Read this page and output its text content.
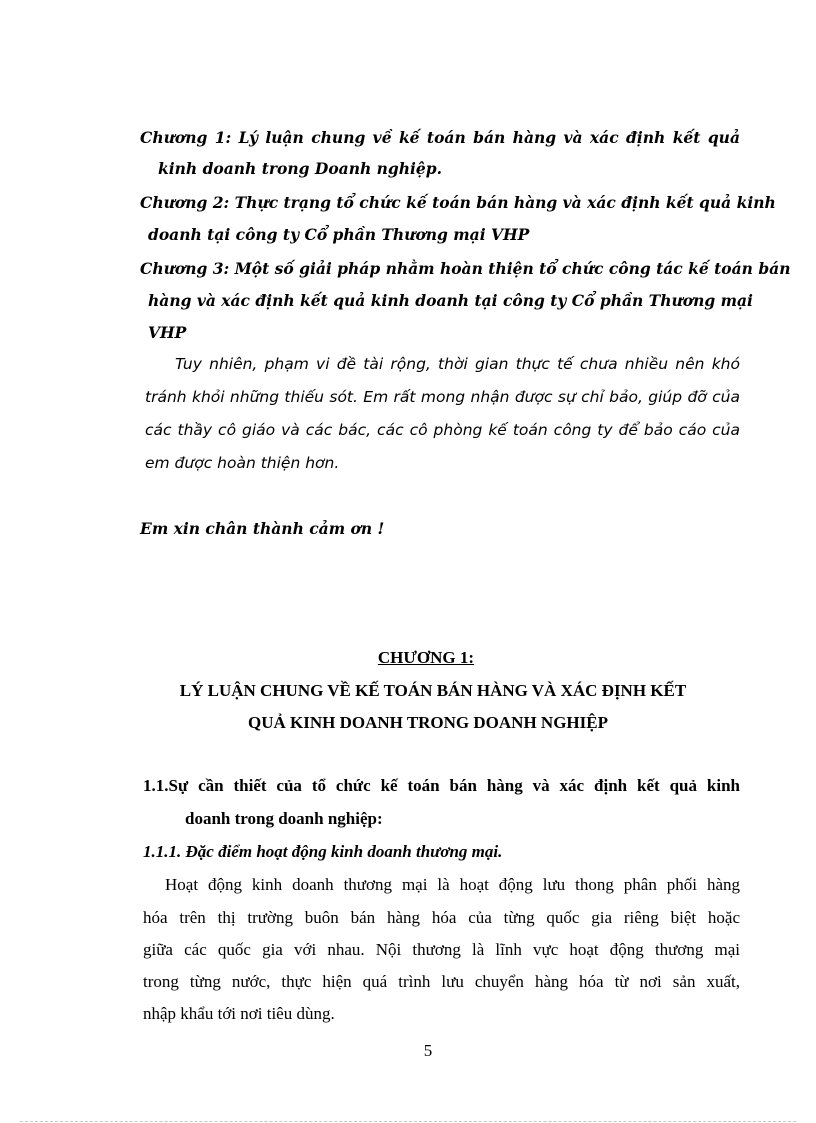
Chương 1: Lý luận chung về kế toán bán hàng và xác định kết quả
kinh doanh trong Doanh nghiệp.
Chương 2: Thực trạng tổ chức kế toán bán hàng và xác định kết quả kinh
doanh tại công ty Cổ phần Thương mại VHP
Chương 3: Một số giải pháp nhằm hoàn thiện tổ chức công tác kế toán bán
hàng và xác định kết quả kinh doanh tại công ty Cổ phần Thương mại
VHP
Tuy nhiên, phạm vi đề tài rộng, thời gian thực tế chưa nhiều nên khó
tránh khỏi những thiếu sót. Em rất mong nhận được sự chỉ bảo, giúp đỡ của
các thầy cô giáo và các bác, các cô phòng kế toán công ty để bảo cáo của
em được hoàn thiện hơn.
Em xin chân thành cảm ơn !
CHƯƠNG 1:
LÝ LUẬN CHUNG VỀ KẾ TOÁN BÁN HÀNG VÀ XÁC ĐỊNH KẾT
QUẢ KINH DOANH TRONG DOANH NGHIỆP
1.1.Sự cần thiết của tổ chức kế toán bán hàng và xác định kết quả kinh
doanh trong doanh nghiệp:
1.1.1. Đặc điểm hoạt động kinh doanh thương mại.
Hoạt động kinh doanh thương mại là hoạt động lưu thong phân phối hàng
hóa trên thị trường buôn bán hàng hóa của từng quốc gia riêng biệt hoặc
giữa các quốc gia với nhau. Nội thương là lĩnh vực hoạt động thương mại
trong từng nước, thực hiện quá trình lưu chuyển hàng hóa từ nơi sản xuất,
nhập khẩu tới nơi tiêu dùng.
5
